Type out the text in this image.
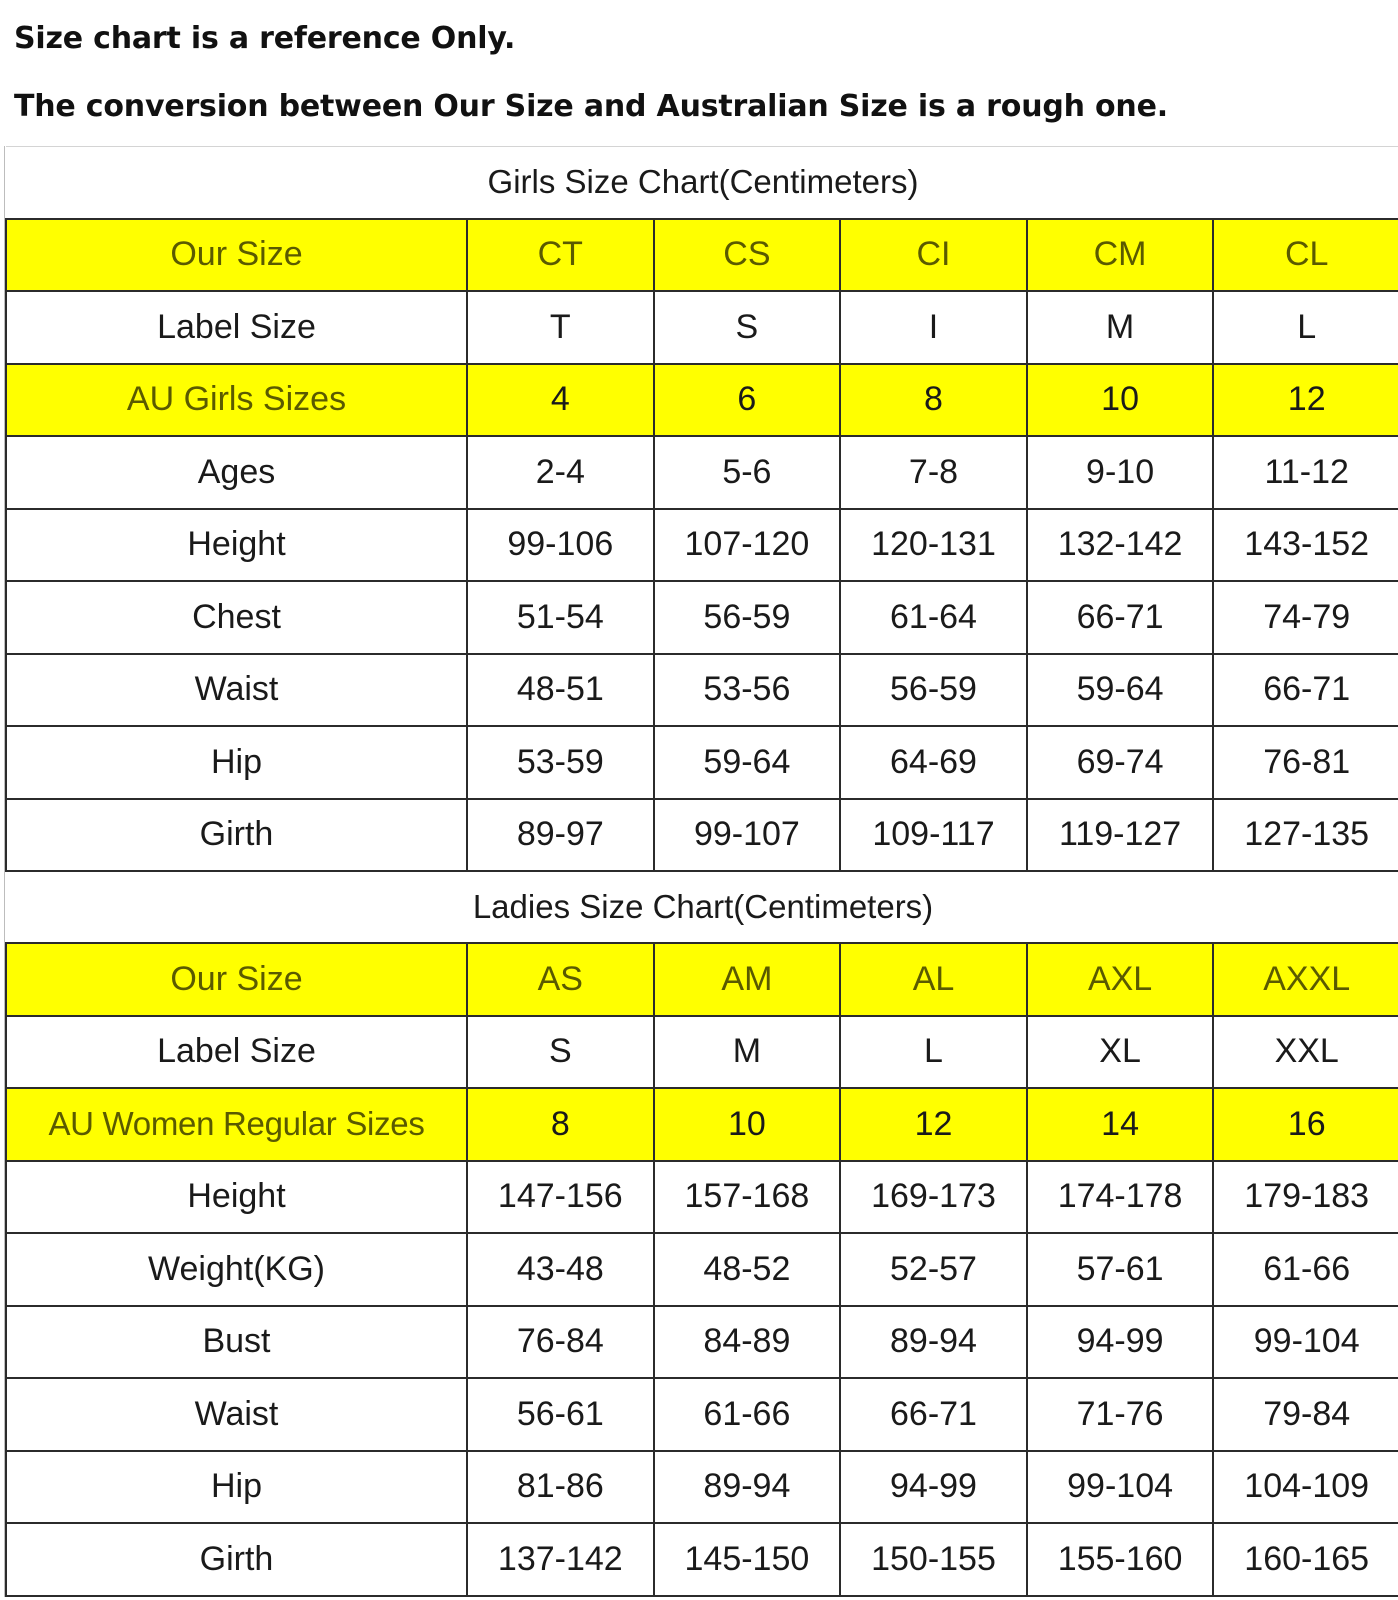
Size chart is a reference Only.
The conversion between Our Size and Australian Size is a rough one.
Girls Size Chart(Centimeters)					
Our Size	CT	CS	CI	CM	CL
Label Size	T	S	I	M	L
AU Girls Sizes	4	6	8	10	12
Ages	2-4	5-6	7-8	9-10	11-12
Height	99-106	107-120	120-131	132-142	143-152
Chest	51-54	56-59	61-64	66-71	74-79
Waist	48-51	53-56	56-59	59-64	66-71
Hip	53-59	59-64	64-69	69-74	76-81
Girth	89-97	99-107	109-117	119-127	127-135
Ladies Size Chart(Centimeters)					
Our Size	AS	AM	AL	AXL	AXXL
Label Size	S	M	L	XL	XXL
AU Women Regular Sizes	8	10	12	14	16
Height	147-156	157-168	169-173	174-178	179-183
Weight(KG)	43-48	48-52	52-57	57-61	61-66
Bust	76-84	84-89	89-94	94-99	99-104
Waist	56-61	61-66	66-71	71-76	79-84
Hip	81-86	89-94	94-99	99-104	104-109
Girth	137-142	145-150	150-155	155-160	160-165
